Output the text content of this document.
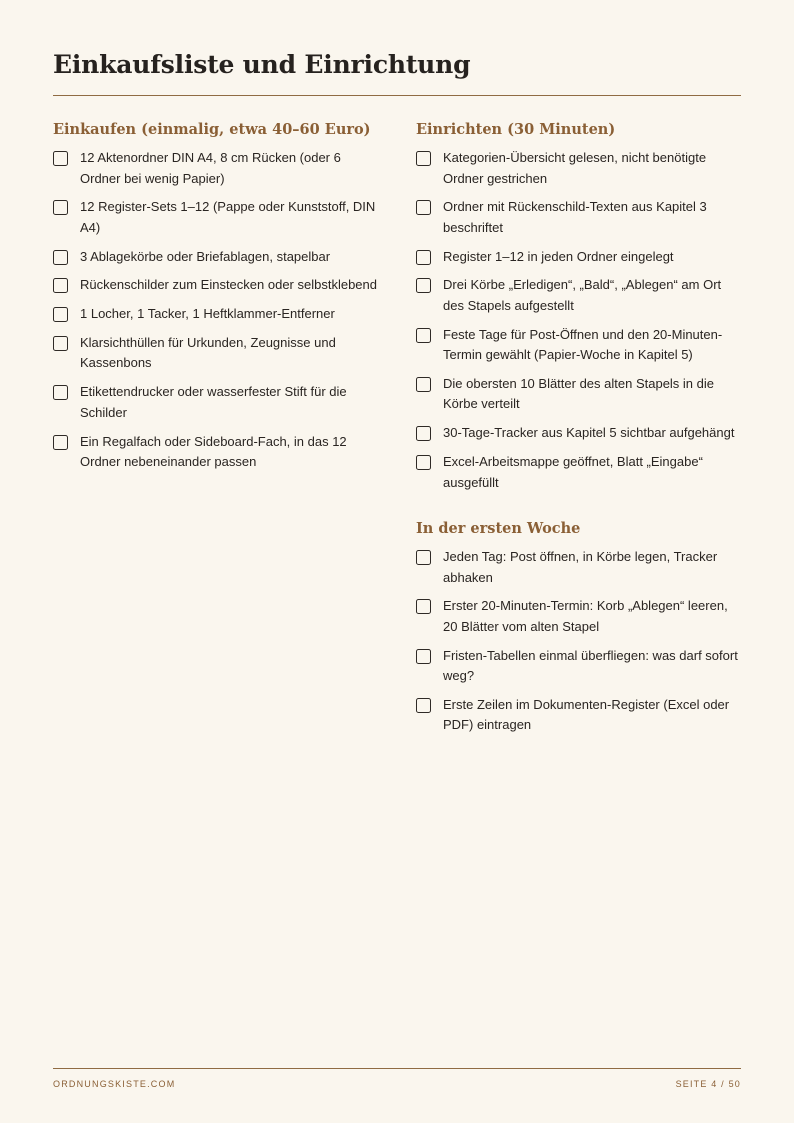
Einkaufsliste und Einrichtung
Einkaufen (einmalig, etwa 40–60 Euro)
12 Aktenordner DIN A4, 8 cm Rücken (oder 6 Ordner bei wenig Papier)
12 Register-Sets 1–12 (Pappe oder Kunststoff, DIN A4)
3 Ablagekörbe oder Briefablagen, stapelbar
Rückenschilder zum Einstecken oder selbstklebend
1 Locher, 1 Tacker, 1 Heftklammer-Entferner
Klarsichthüllen für Urkunden, Zeugnisse und Kassenbons
Etikettendrucker oder wasserfester Stift für die Schilder
Ein Regalfach oder Sideboard-Fach, in das 12 Ordner nebeneinander passen
Einrichten (30 Minuten)
Kategorien-Übersicht gelesen, nicht benötigte Ordner gestrichen
Ordner mit Rückenschild-Texten aus Kapitel 3 beschriftet
Register 1–12 in jeden Ordner eingelegt
Drei Körbe „Erledigen“, „Bald“, „Ablegen“ am Ort des Stapels aufgestellt
Feste Tage für Post-Öffnen und den 20-Minuten-Termin gewählt (Papier-Woche in Kapitel 5)
Die obersten 10 Blätter des alten Stapels in die Körbe verteilt
30-Tage-Tracker aus Kapitel 5 sichtbar aufgehängt
Excel-Arbeitsmappe geöffnet, Blatt „Eingabe“ ausgefüllt
In der ersten Woche
Jeden Tag: Post öffnen, in Körbe legen, Tracker abhaken
Erster 20-Minuten-Termin: Korb „Ablegen“ leeren, 20 Blätter vom alten Stapel
Fristen-Tabellen einmal überfliegen: was darf sofort weg?
Erste Zeilen im Dokumenten-Register (Excel oder PDF) eintragen
ORDNUNGSKISTE.COM	SEITE 4 / 50
